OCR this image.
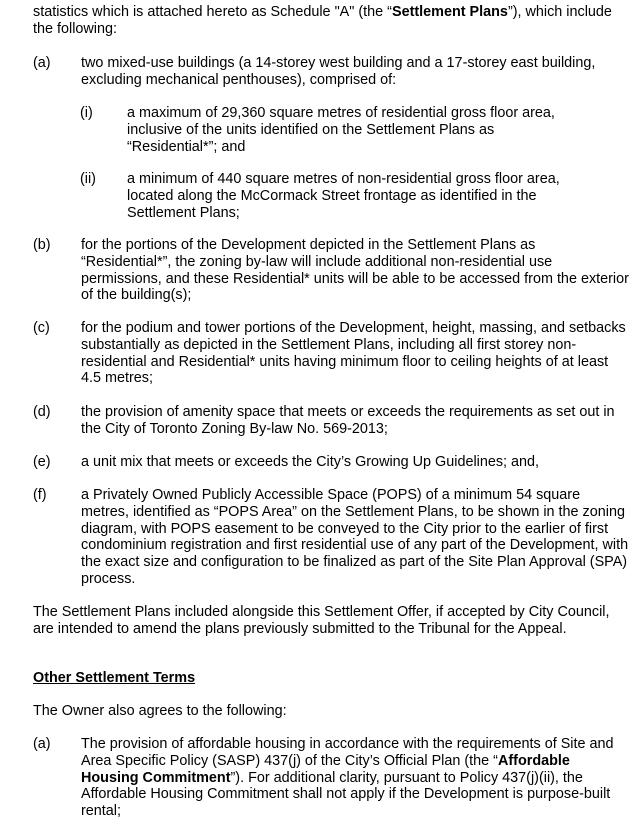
statistics which is attached hereto as Schedule "A" (the “Settlement Plans”), which include the following:
(a) two mixed-use buildings (a 14-storey west building and a 17-storey east building, excluding mechanical penthouses), comprised of:
(i) a maximum of 29,360 square metres of residential gross floor area, inclusive of the units identified on the Settlement Plans as “Residential*”; and
(ii) a minimum of 440 square metres of non-residential gross floor area, located along the McCormack Street frontage as identified in the Settlement Plans;
(b) for the portions of the Development depicted in the Settlement Plans as “Residential*”, the zoning by-law will include additional non-residential use permissions, and these Residential* units will be able to be accessed from the exterior of the building(s);
(c) for the podium and tower portions of the Development, height, massing, and setbacks substantially as depicted in the Settlement Plans, including all first storey non-residential and Residential* units having minimum floor to ceiling heights of at least 4.5 metres;
(d) the provision of amenity space that meets or exceeds the requirements as set out in the City of Toronto Zoning By-law No. 569-2013;
(e) a unit mix that meets or exceeds the City’s Growing Up Guidelines; and,
(f) a Privately Owned Publicly Accessible Space (POPS) of a minimum 54 square metres, identified as “POPS Area” on the Settlement Plans, to be shown in the zoning diagram, with POPS easement to be conveyed to the City prior to the earlier of first condominium registration and first residential use of any part of the Development, with the exact size and configuration to be finalized as part of the Site Plan Approval (SPA) process.
The Settlement Plans included alongside this Settlement Offer, if accepted by City Council, are intended to amend the plans previously submitted to the Tribunal for the Appeal.
Other Settlement Terms
The Owner also agrees to the following:
(a) The provision of affordable housing in accordance with the requirements of Site and Area Specific Policy (SASP) 437(j) of the City’s Official Plan (the “Affordable Housing Commitment”). For additional clarity, pursuant to Policy 437(j)(ii), the Affordable Housing Commitment shall not apply if the Development is purpose-built rental;
